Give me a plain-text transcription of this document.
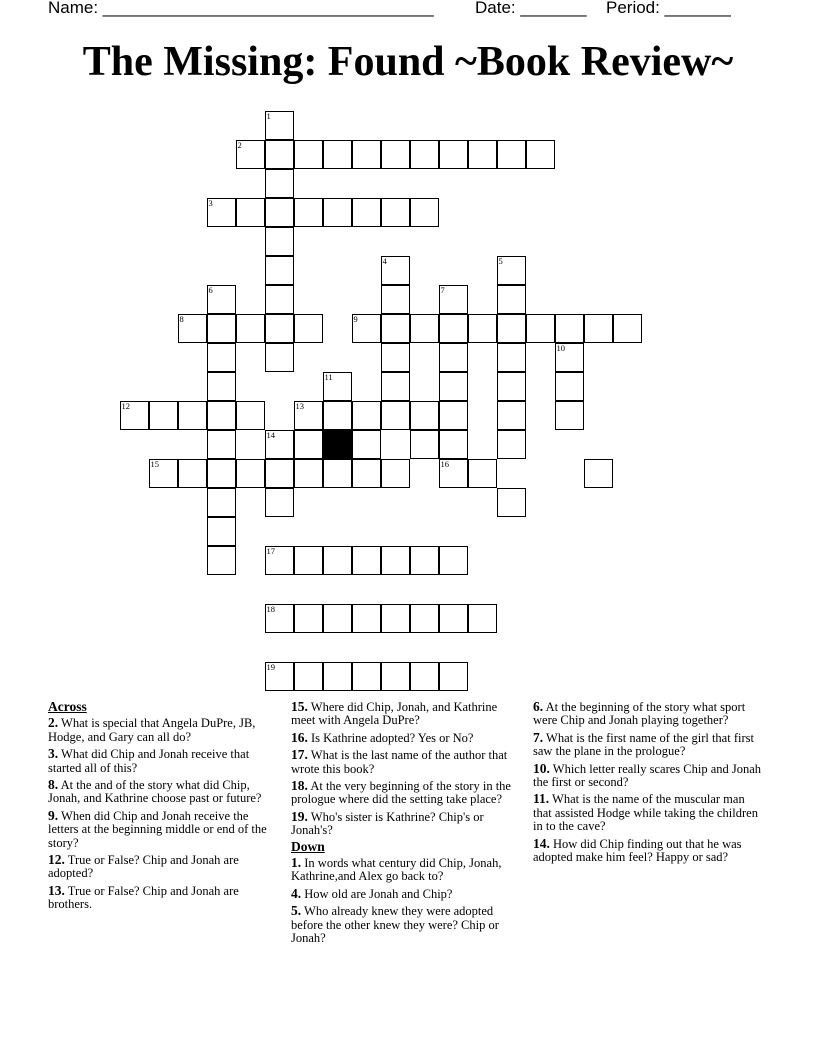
Name: ___________________________________ Date: _______ Period: _______
The Missing: Found ~Book Review~
1
2
3
4	5
6	7
8	9
10
11
12	13
14
15	16
17
18
19
Across
2. What is special that Angela DuPre, JB, Hodge, and Gary can all do?
3. What did Chip and Jonah receive that started all of this?
8. At the and of the story what did Chip, Jonah, and Kathrine choose past or future?
9. When did Chip and Jonah receive the letters at the beginning middle or end of the story?
12. True or False? Chip and Jonah are adopted?
13. True or False? Chip and Jonah are brothers.
15. Where did Chip, Jonah, and Kathrine meet with Angela DuPre?
16. Is Kathrine adopted? Yes or No?
17. What is the last name of the author that wrote this book?
18. At the very beginning of the story in the prologue where did the setting take place?
19. Who's sister is Kathrine? Chip's or Jonah's?
Down
1. In words what century did Chip, Jonah, Kathrine,and Alex go back to?
4. How old are Jonah and Chip?
5. Who already knew they were adopted before the other knew they were? Chip or Jonah?
6. At the beginning of the story what sport were Chip and Jonah playing together?
7. What is the first name of the girl that first saw the plane in the prologue?
10. Which letter really scares Chip and Jonah the first or second?
11. What is the name of the muscular man that assisted Hodge while taking the children in to the cave?
14. How did Chip finding out that he was adopted make him feel? Happy or sad?
